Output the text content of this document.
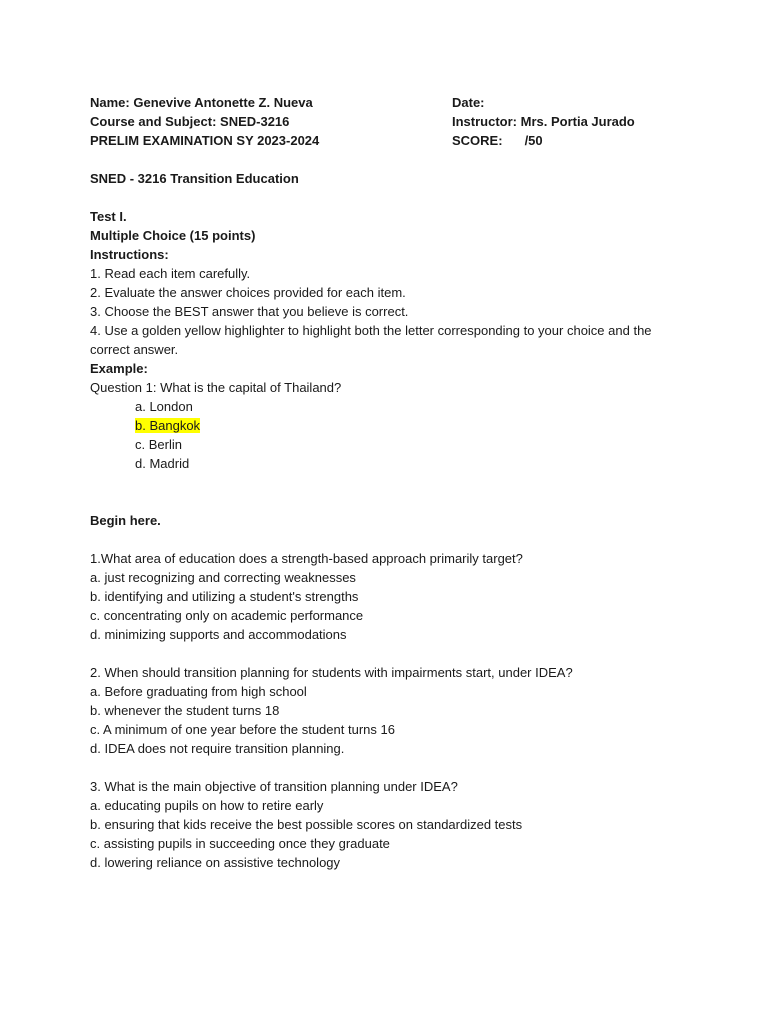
Name: Genevive Antonette Z. Nueva	Date:
Course and Subject: SNED-3216	Instructor: Mrs. Portia Jurado
PRELIM EXAMINATION SY 2023-2024	SCORE: /50
SNED - 3216 Transition Education
Test I.
Multiple Choice (15 points)
Instructions:
1. Read each item carefully.
2. Evaluate the answer choices provided for each item.
3. Choose the BEST answer that you believe is correct.
4. Use a golden yellow highlighter to highlight both the letter corresponding to your choice and the correct answer.
Example:
Question 1: What is the capital of Thailand?
a. London
b. Bangkok
c. Berlin
d. Madrid
Begin here.
1.What area of education does a strength-based approach primarily target?
a. just recognizing and correcting weaknesses
b. identifying and utilizing a student's strengths
c. concentrating only on academic performance
d. minimizing supports and accommodations
2. When should transition planning for students with impairments start, under IDEA?
a. Before graduating from high school
b. whenever the student turns 18
c. A minimum of one year before the student turns 16
d. IDEA does not require transition planning.
3. What is the main objective of transition planning under IDEA?
a. educating pupils on how to retire early
b. ensuring that kids receive the best possible scores on standardized tests
c. assisting pupils in succeeding once they graduate
d. lowering reliance on assistive technology
